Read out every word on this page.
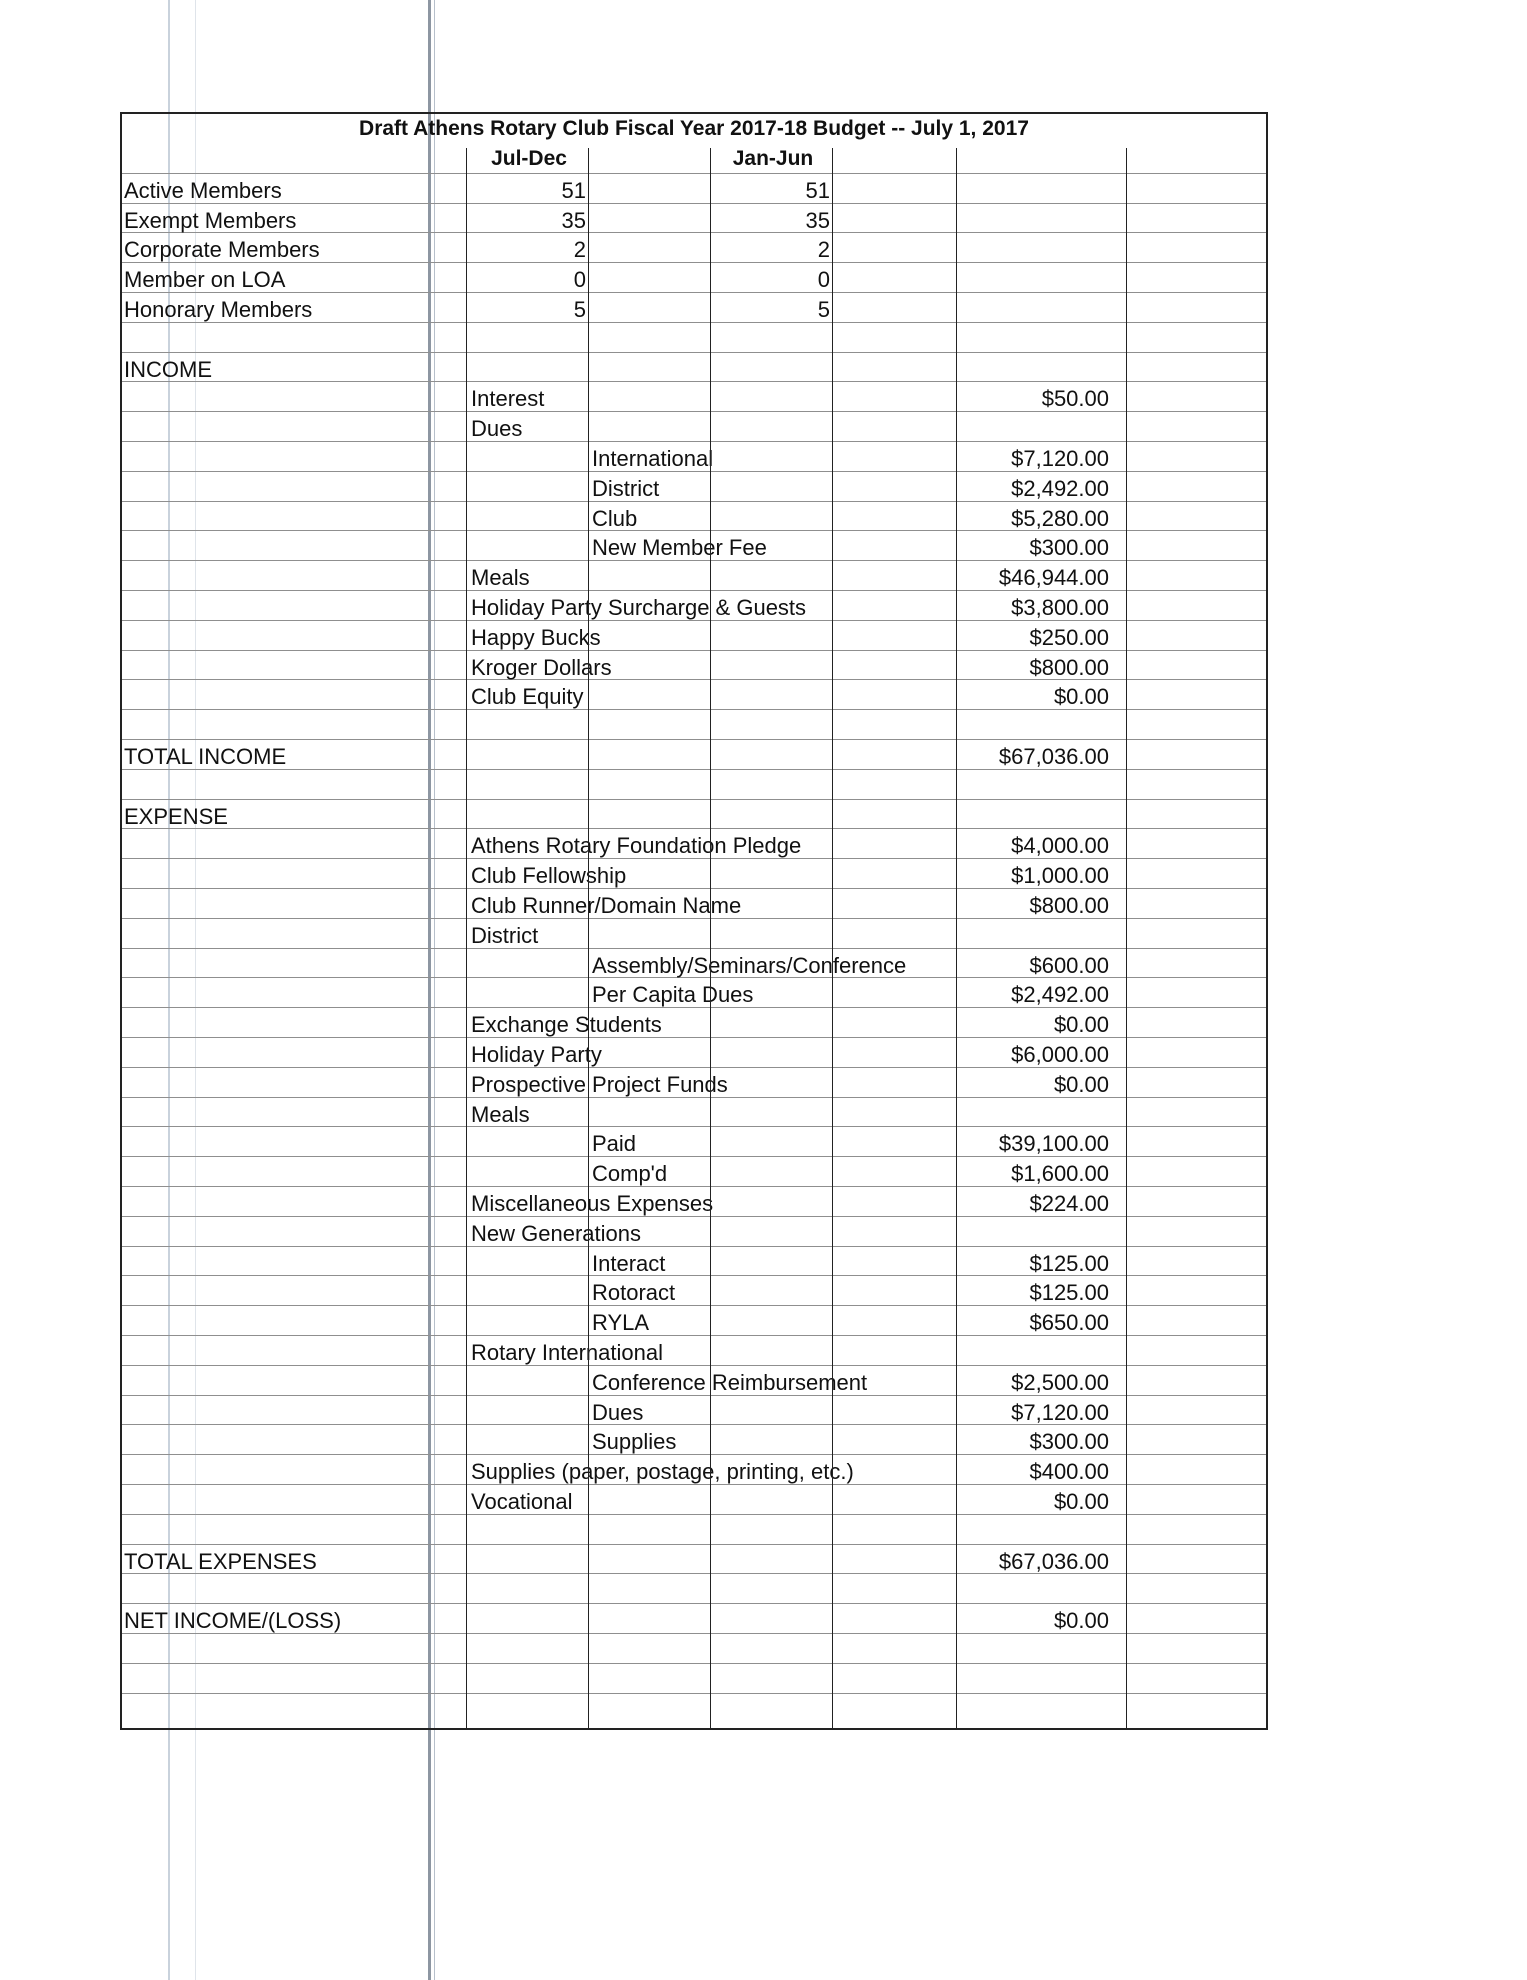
Draft Athens Rotary Club Fiscal Year 2017-18 Budget -- July 1, 2017
Jul-Dec	Jan-Jun
Active Members	51	51
Exempt Members	35	35
Corporate Members	2	2
Member on LOA	0	0
Honorary Members	5	5
INCOME
Interest	$50.00
Dues
International	$7,120.00
District	$2,492.00
Club	$5,280.00
New Member Fee	$300.00
Meals	$46,944.00
Holiday Party Surcharge & Guests	$3,800.00
Happy Bucks	$250.00
Kroger Dollars	$800.00
Club Equity	$0.00
TOTAL INCOME	$67,036.00
EXPENSE
Athens Rotary Foundation Pledge	$4,000.00
Club Fellowship	$1,000.00
Club Runner/Domain Name	$800.00
District
Assembly/Seminars/Conference	$600.00
Per Capita Dues	$2,492.00
Exchange Students	$0.00
Holiday Party	$6,000.00
Prospective Project Funds	$0.00
Meals
Paid	$39,100.00
Comp'd	$1,600.00
Miscellaneous Expenses	$224.00
New Generations
Interact	$125.00
Rotoract	$125.00
RYLA	$650.00
Rotary International
Conference Reimbursement	$2,500.00
Dues	$7,120.00
Supplies	$300.00
Supplies (paper, postage, printing, etc.)	$400.00
Vocational	$0.00
TOTAL EXPENSES	$67,036.00
NET INCOME/(LOSS)	$0.00
